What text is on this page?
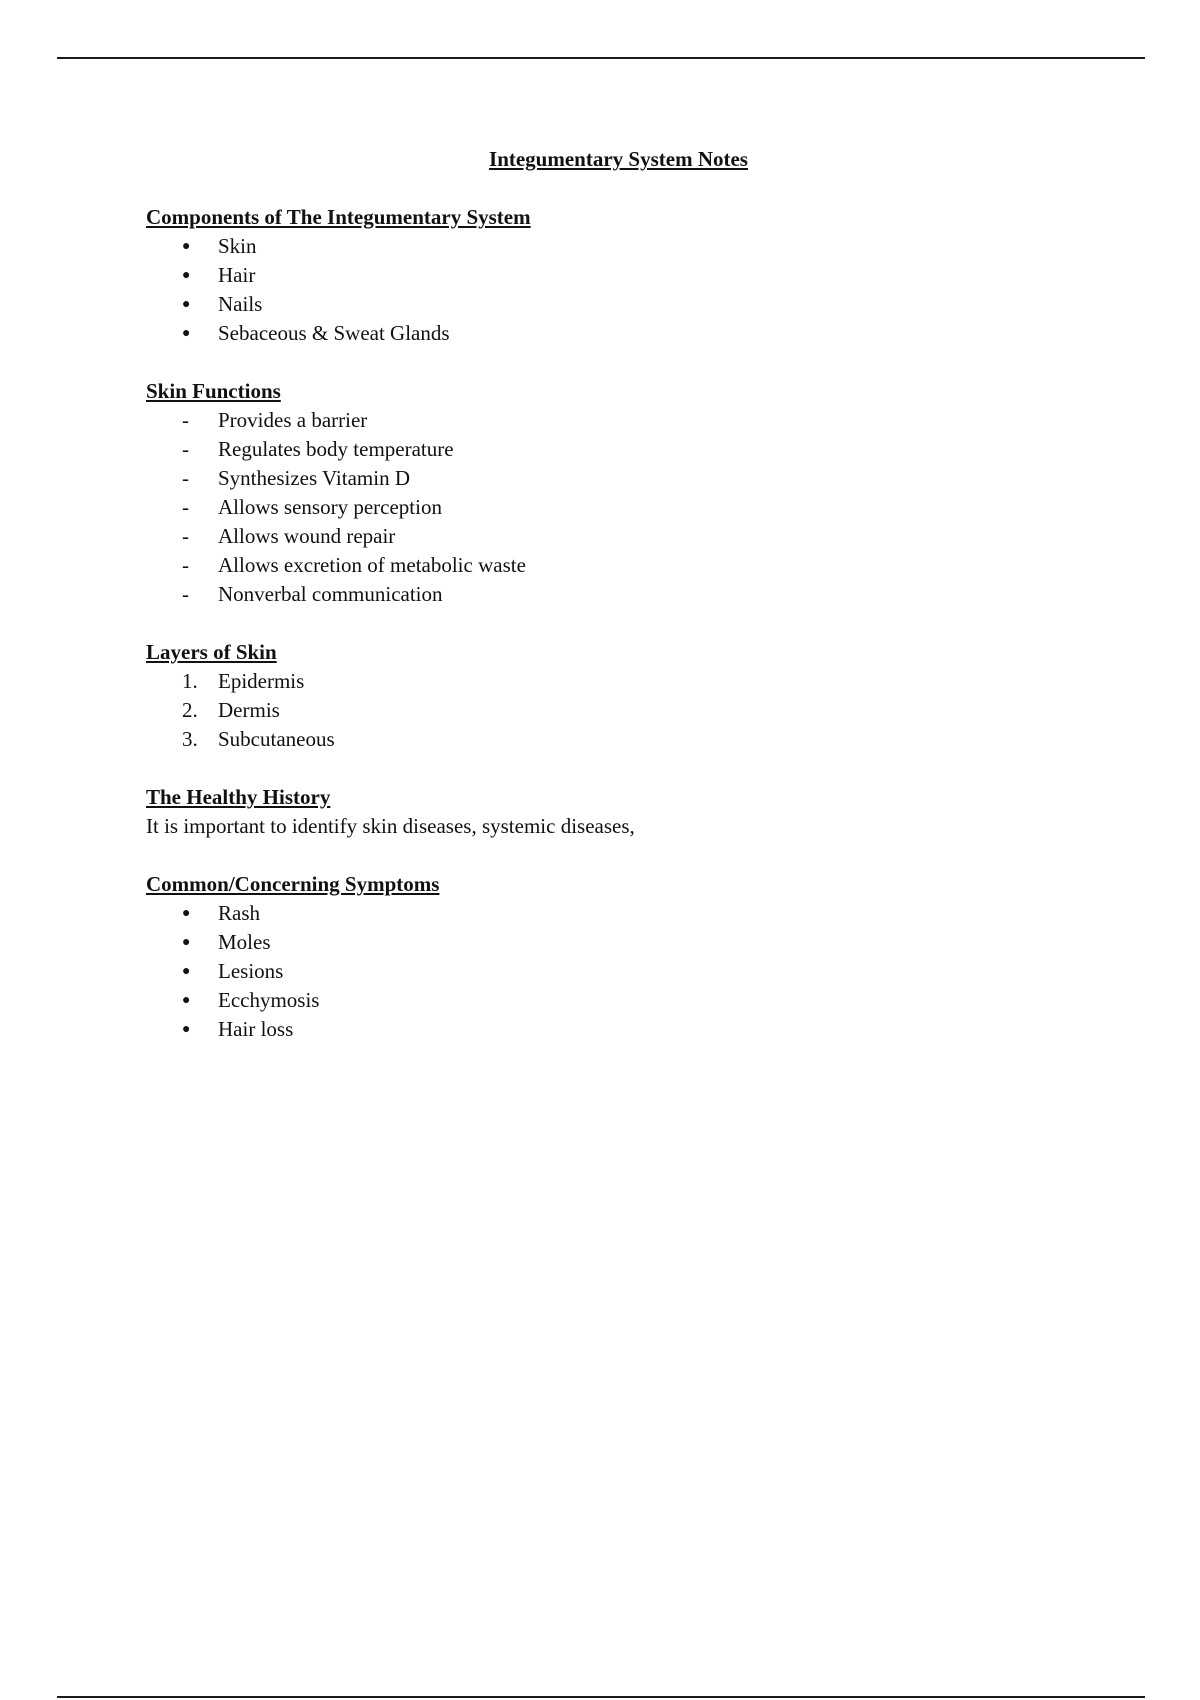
Integumentary System Notes
Components of The Integumentary System
●	Skin
●	Hair
●	Nails
●	Sebaceous & Sweat Glands
Skin Functions
-	Provides a barrier
-	Regulates body temperature
-	Synthesizes Vitamin D
-	Allows sensory perception
-	Allows wound repair
-	Allows excretion of metabolic waste
-	Nonverbal communication
Layers of Skin
1. Epidermis
2. Dermis
3. Subcutaneous
The Healthy History

It is important to identify skin diseases, systemic diseases,

Common/Concerning Symptoms
●	Rash
●	Moles
●	Lesions
●	Ecchymosis
●	Hair loss
